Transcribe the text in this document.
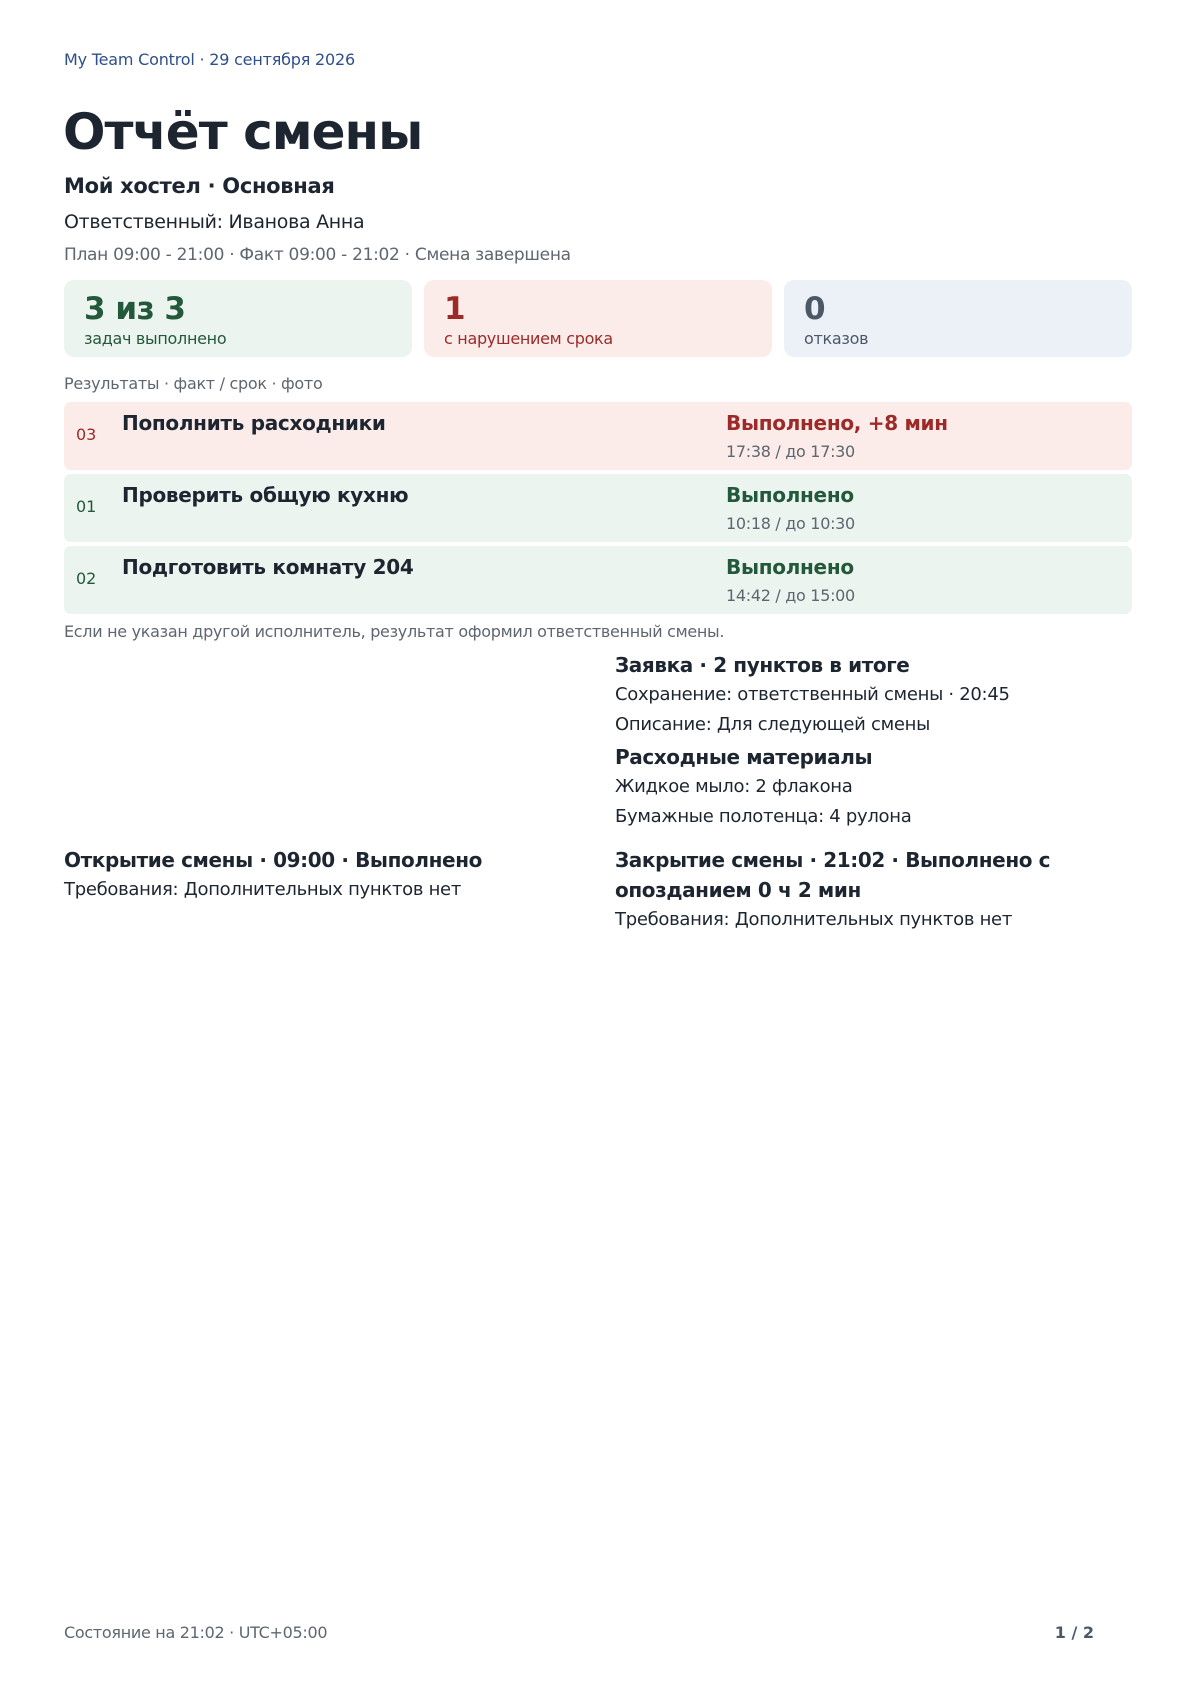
My Team Control · 29 сентября 2026
Отчёт смены
Мой хостел · Основная
Ответственный: Иванова Анна
План 09:00 - 21:00 · Факт 09:00 - 21:02 · Смена завершена
3 из 3
задач выполнено
1
с нарушением срока
0
отказов
Результаты · факт / срок · фото
03 Пополнить расходники	Выполнено, +8 мин
17:38 / до 17:30
01 Проверить общую кухню	Выполнено
10:18 / до 10:30
02 Подготовить комнату 204	Выполнено
14:42 / до 15:00
Если не указан другой исполнитель, результат оформил ответственный смены.
Заявка · 2 пунктов в итоге
Сохранение: ответственный смены · 20:45
Описание: Для следующей смены
Расходные материалы
Жидкое мыло: 2 флакона
Бумажные полотенца: 4 рулона
Открытие смены · 09:00 · Выполнено
Требования: Дополнительных пунктов нет
Закрытие смены · 21:02 · Выполнено с опозданием 0 ч 2 мин
Требования: Дополнительных пунктов нет
Состояние на 21:02 · UTC+05:00	1 / 2
